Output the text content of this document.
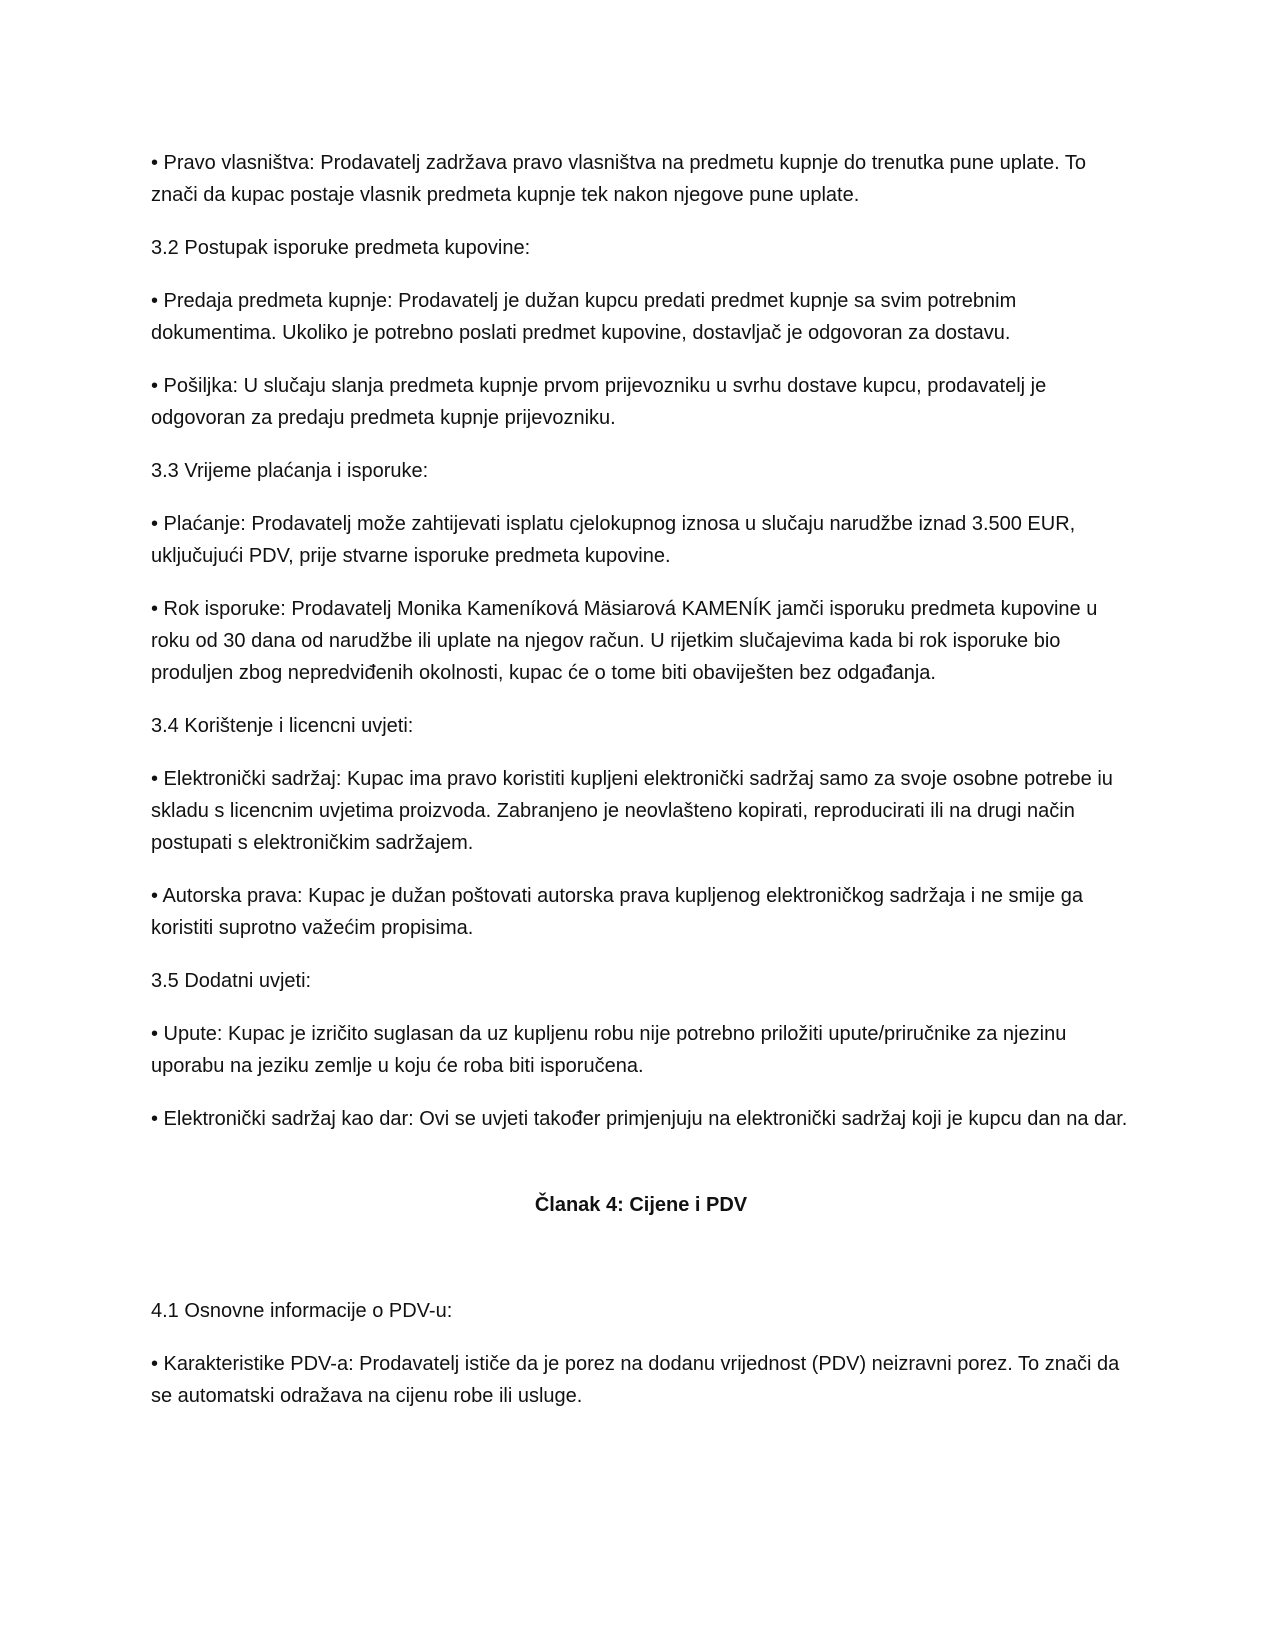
• Pravo vlasništva: Prodavatelj zadržava pravo vlasništva na predmetu kupnje do trenutka pune uplate. To znači da kupac postaje vlasnik predmeta kupnje tek nakon njegove pune uplate.

3.2 Postupak isporuke predmeta kupovine:

• Predaja predmeta kupnje: Prodavatelj je dužan kupcu predati predmet kupnje sa svim potrebnim dokumentima. Ukoliko je potrebno poslati predmet kupovine, dostavljač je odgovoran za dostavu.

• Pošiljka: U slučaju slanja predmeta kupnje prvom prijevozniku u svrhu dostave kupcu, prodavatelj je odgovoran za predaju predmeta kupnje prijevozniku.

3.3 Vrijeme plaćanja i isporuke:

• Plaćanje: Prodavatelj može zahtijevati isplatu cjelokupnog iznosa u slučaju narudžbe iznad 3.500 EUR, uključujući PDV, prije stvarne isporuke predmeta kupovine.

• Rok isporuke: Prodavatelj Monika Kameníková Mäsiarová KAMENÍK jamči isporuku predmeta kupovine u roku od 30 dana od narudžbe ili uplate na njegov račun. U rijetkim slučajevima kada bi rok isporuke bio produljen zbog nepredviđenih okolnosti, kupac će o tome biti obaviješten bez odgađanja.

3.4 Korištenje i licencni uvjeti:

• Elektronički sadržaj: Kupac ima pravo koristiti kupljeni elektronički sadržaj samo za svoje osobne potrebe iu skladu s licencnim uvjetima proizvoda. Zabranjeno je neovlašteno kopirati, reproducirati ili na drugi način postupati s elektroničkim sadržajem.

• Autorska prava: Kupac je dužan poštovati autorska prava kupljenog elektroničkog sadržaja i ne smije ga koristiti suprotno važećim propisima.

3.5 Dodatni uvjeti:

• Upute: Kupac je izričito suglasan da uz kupljenu robu nije potrebno priložiti upute/priručnike za njezinu uporabu na jeziku zemlje u koju će roba biti isporučena.

• Elektronički sadržaj kao dar: Ovi se uvjeti također primjenjuju na elektronički sadržaj koji je kupcu dan na dar.

Članak 4: Cijene i PDV

4.1 Osnovne informacije o PDV-u:

• Karakteristike PDV-a: Prodavatelj ističe da je porez na dodanu vrijednost (PDV) neizravni porez. To znači da se automatski odražava na cijenu robe ili usluge.
